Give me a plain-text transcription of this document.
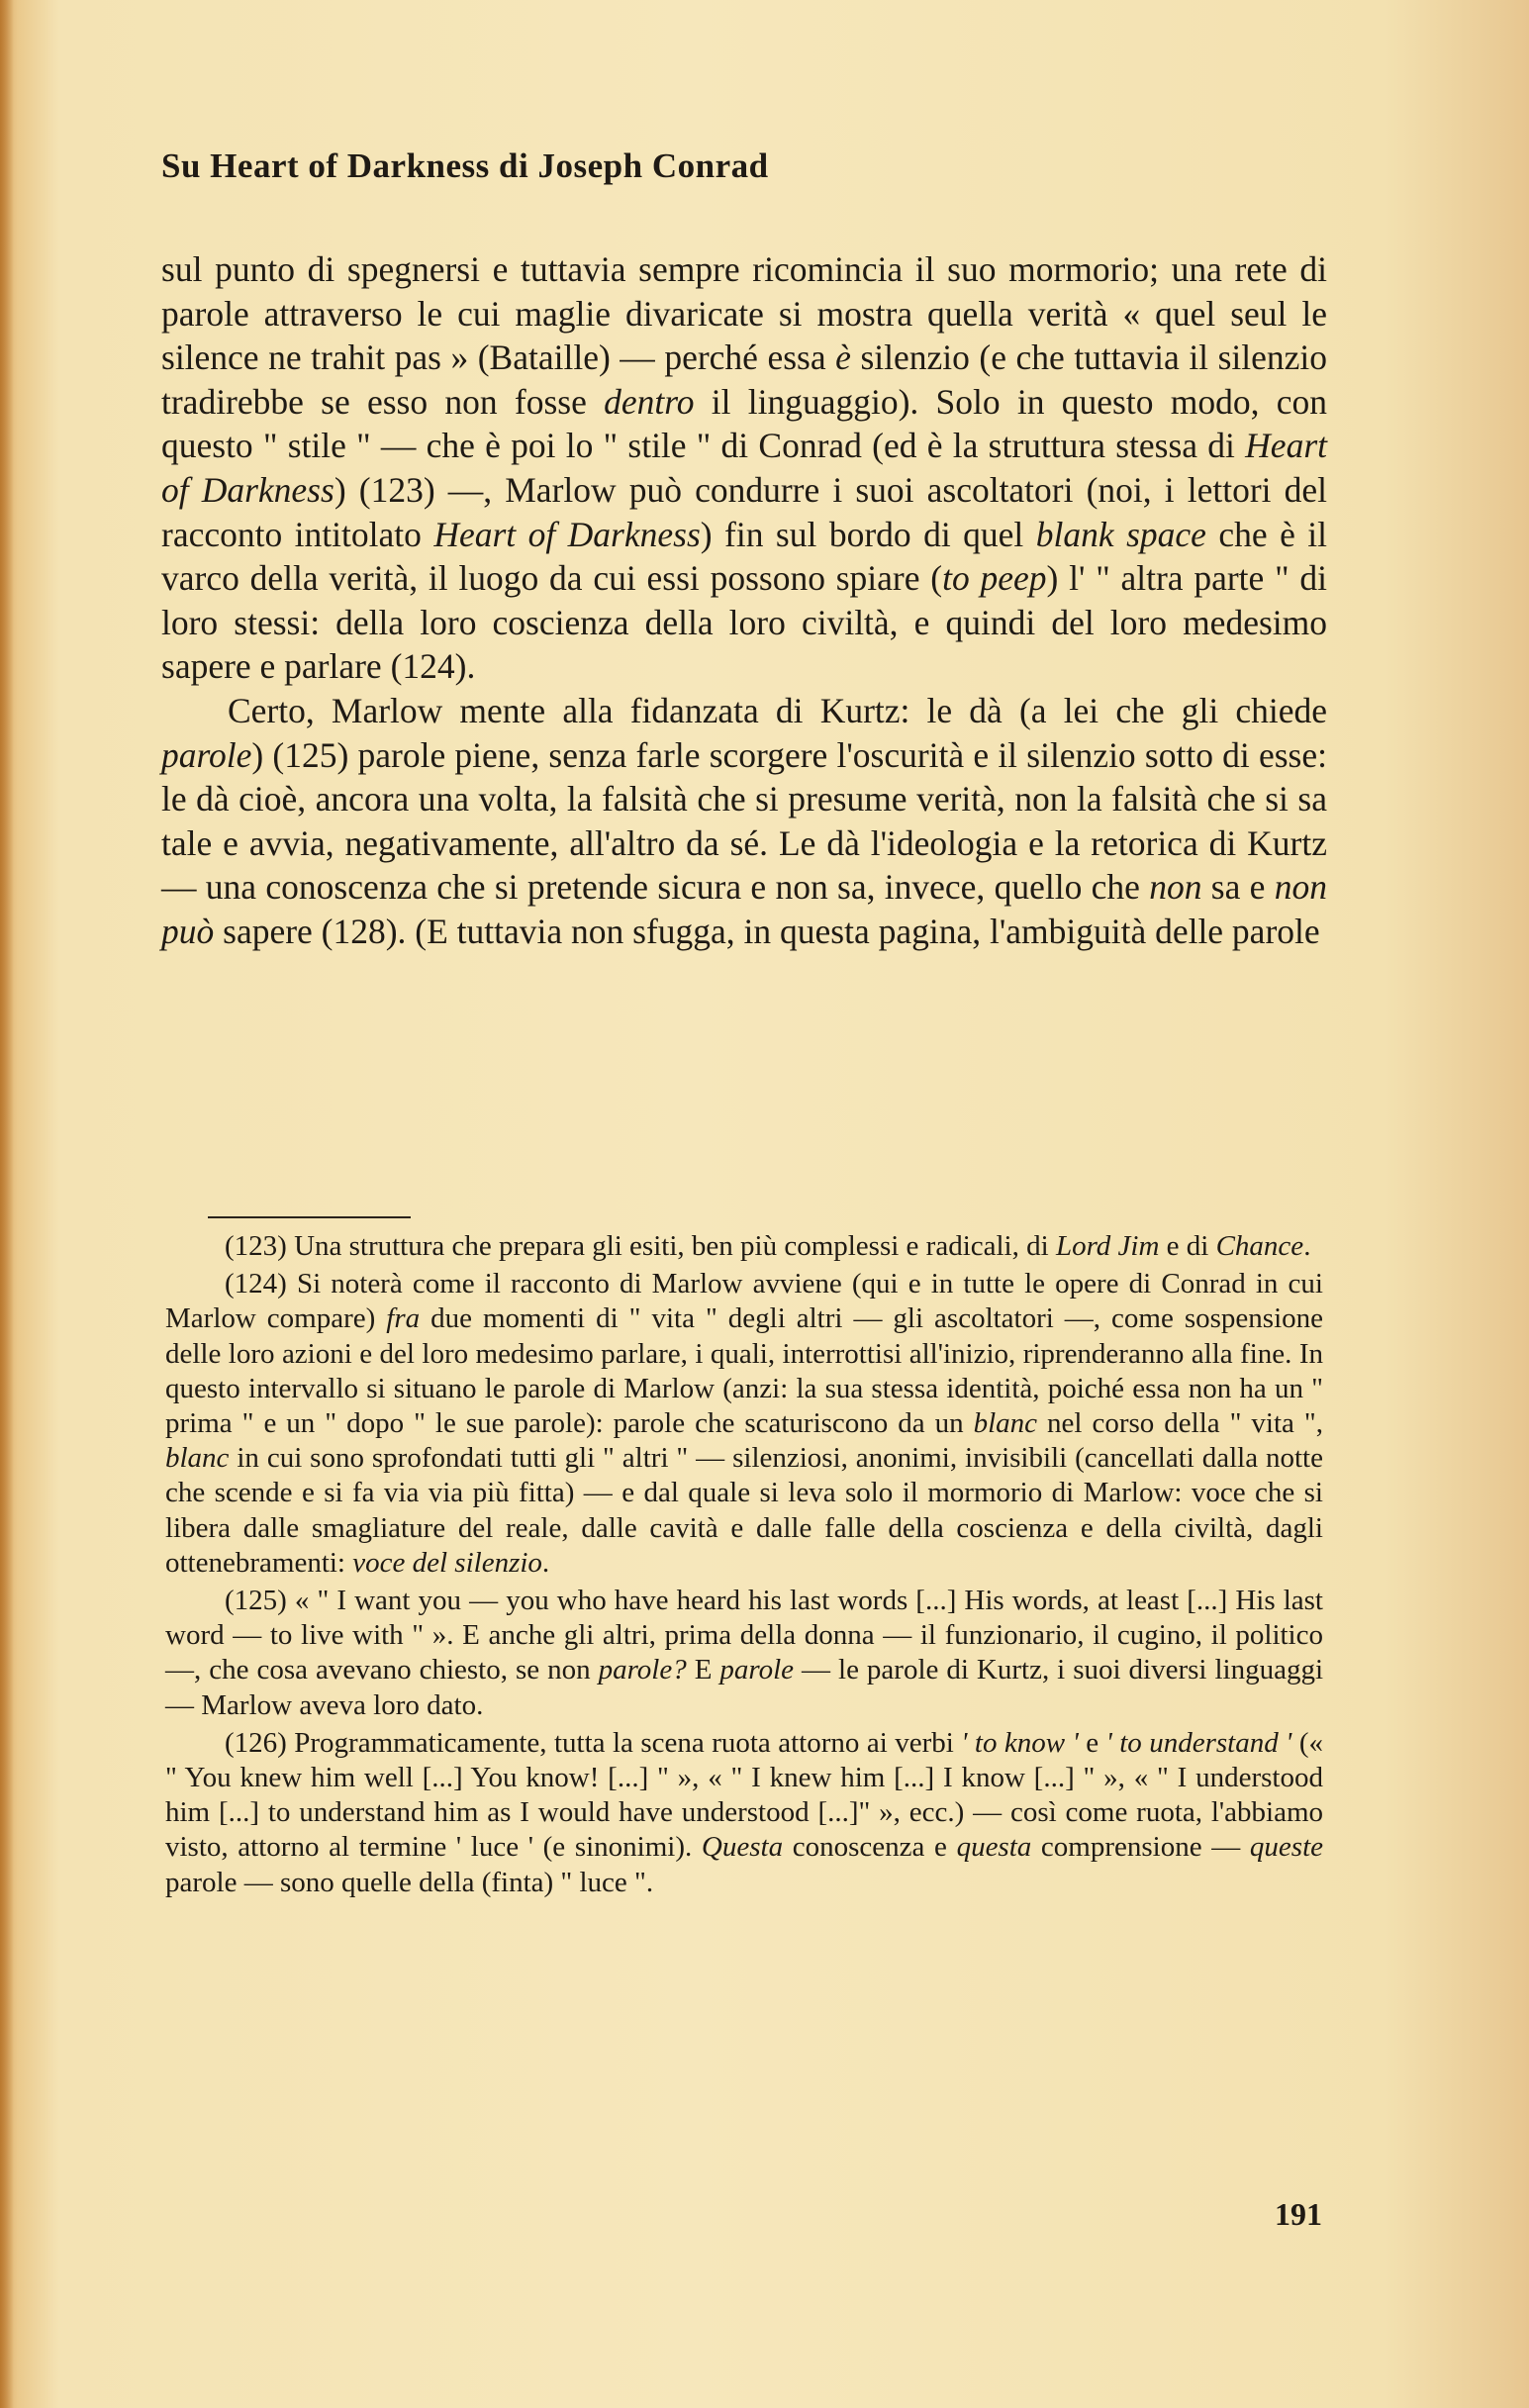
Su Heart of Darkness di Joseph Conrad

sul punto di spegnersi e tuttavia sempre ricomincia il suo mormorio; una rete di parole attraverso le cui maglie divaricate si mostra quella verità « quel seul le silence ne trahit pas » (Bataille) — perché essa è silenzio (e che tuttavia il silenzio tradirebbe se esso non fosse dentro il linguaggio). Solo in questo modo, con questo " stile " — che è poi lo " stile " di Conrad (ed è la struttura stessa di Heart of Darkness) (123) —, Marlow può condurre i suoi ascoltatori (noi, i lettori del racconto intitolato Heart of Darkness) fin sul bordo di quel blank space che è il varco della verità, il luogo da cui essi possono spiare (to peep) l' " altra parte " di loro stessi: della loro coscienza della loro civiltà, e quindi del loro medesimo sapere e parlare (124).

Certo, Marlow mente alla fidanzata di Kurtz: le dà (a lei che gli chiede parole) (125) parole piene, senza farle scorgere l'oscurità e il silenzio sotto di esse: le dà cioè, ancora una volta, la falsità che si presume verità, non la falsità che si sa tale e avvia, negativamente, all'altro da sé. Le dà l'ideologia e la retorica di Kurtz — una conoscenza che si pretende sicura e non sa, invece, quello che non sa e non può sapere (128). (E tuttavia non sfugga, in questa pagina, l'ambiguità delle parole

(123) Una struttura che prepara gli esiti, ben più complessi e radicali, di Lord Jim e di Chance.

(124) Si noterà come il racconto di Marlow avviene (qui e in tutte le opere di Conrad in cui Marlow compare) fra due momenti di " vita " degli altri — gli ascoltatori —, come sospensione delle loro azioni e del loro medesimo parlare, i quali, interrottisi all'inizio, riprenderanno alla fine. In questo intervallo si situano le parole di Marlow (anzi: la sua stessa identità, poiché essa non ha un " prima " e un " dopo " le sue parole): parole che scaturiscono da un blanc nel corso della " vita ", blanc in cui sono sprofondati tutti gli " altri " — silenziosi, anonimi, invisibili (cancellati dalla notte che scende e si fa via via più fitta) — e dal quale si leva solo il mormorio di Marlow: voce che si libera dalle smagliature del reale, dalle cavità e dalle falle della coscienza e della civiltà, dagli ottenebramenti: voce del silenzio.

(125) « " I want you — you who have heard his last words [...] His words, at least [...] His last word — to live with " ». E anche gli altri, prima della donna — il funzionario, il cugino, il politico —, che cosa avevano chiesto, se non parole? E parole — le parole di Kurtz, i suoi diversi linguaggi — Marlow aveva loro dato.

(126) Programmaticamente, tutta la scena ruota attorno ai verbi ' to know ' e ' to understand ' (« " You knew him well [...] You know! [...] " », « " I knew him [...] I know [...] " », « " I understood him [...] to understand him as I would have understood [...]" », ecc.) — così come ruota, l'abbiamo visto, attorno al termine ' luce ' (e sinonimi). Questa conoscenza e questa comprensione — queste parole — sono quelle della (finta) " luce ".

191
